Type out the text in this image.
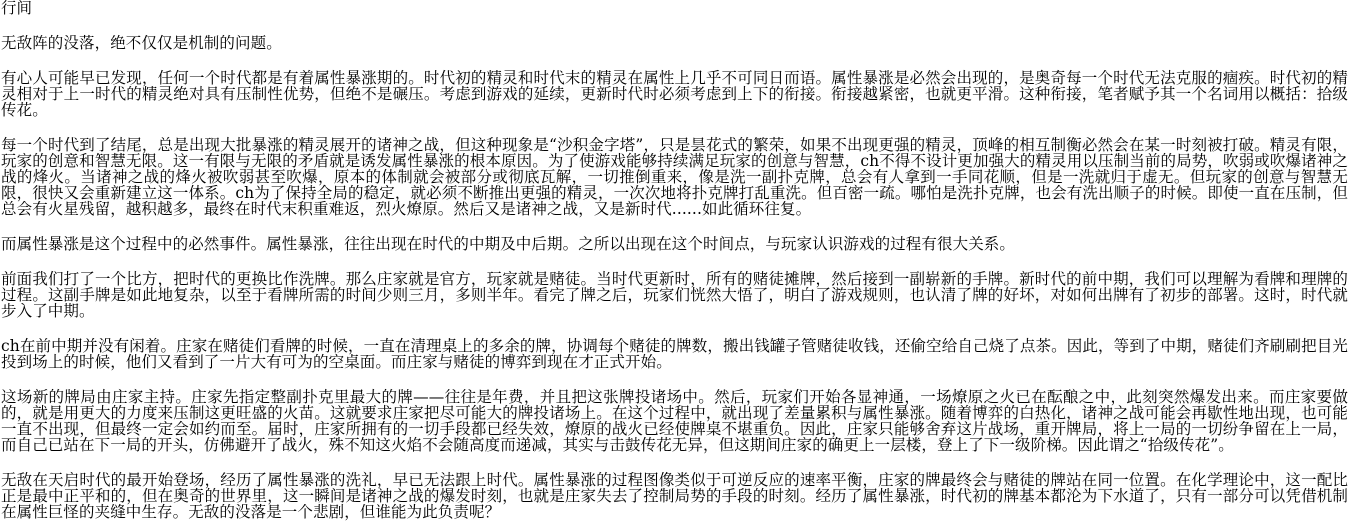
行间

无敌阵的没落，绝不仅仅是机制的问题。

有心人可能早已发现，任何一个时代都是有着属性暴涨期的。时代初的精灵和时代末的精灵在属性上几乎不可同日而语。属性暴涨是必然会出现的，是奥奇每一个时代无法克服的痼疾。时代初的精灵相对于上一时代的精灵绝对具有压制性优势，但绝不是碾压。考虑到游戏的延续，更新时代时必须考虑到上下的衔接。衔接越紧密，也就更平滑。这种衔接，笔者赋予其一个名词用以概括：拾级传花。

每一个时代到了结尾，总是出现大批暴涨的精灵展开的诸神之战，但这种现象是“沙积金字塔”，只是昙花式的繁荣，如果不出现更强的精灵，顶峰的相互制衡必然会在某一时刻被打破。精灵有限，玩家的创意和智慧无限。这一有限与无限的矛盾就是诱发属性暴涨的根本原因。为了使游戏能够持续满足玩家的创意与智慧，ch不得不设计更加强大的精灵用以压制当前的局势，吹弱或吹爆诸神之战的烽火。当诸神之战的烽火被吹弱甚至吹爆，原本的体制就会被部分或彻底瓦解，一切推倒重来，像是洗一副扑克牌，总会有人拿到一手同花顺，但是一洗就归于虚无。但玩家的创意与智慧无限，很快又会重新建立这一体系。ch为了保持全局的稳定，就必须不断推出更强的精灵，一次次地将扑克牌打乱重洗。但百密一疏。哪怕是洗扑克牌，也会有洗出顺子的时候。即使一直在压制，但总会有火星残留，越积越多，最终在时代末积重难返，烈火燎原。然后又是诸神之战，又是新时代......如此循环往复。

而属性暴涨是这个过程中的必然事件。属性暴涨，往往出现在时代的中期及中后期。之所以出现在这个时间点，与玩家认识游戏的过程有很大关系。

前面我们打了一个比方，把时代的更换比作洗牌。那么庄家就是官方，玩家就是赌徒。当时代更新时，所有的赌徒摊牌，然后接到一副崭新的手牌。新时代的前中期，我们可以理解为看牌和理牌的过程。这副手牌是如此地复杂，以至于看牌所需的时间少则三月，多则半年。看完了牌之后，玩家们恍然大悟了，明白了游戏规则，也认清了牌的好坏，对如何出牌有了初步的部署。这时，时代就步入了中期。

ch在前中期并没有闲着。庄家在赌徒们看牌的时候，一直在清理桌上的多余的牌，协调每个赌徒的牌数，搬出钱罐子管赌徒收钱，还偷空给自己烧了点茶。因此，等到了中期，赌徒们齐刷刷把目光投到场上的时候，他们又看到了一片大有可为的空桌面。而庄家与赌徒的博弈到现在才正式开始。

这场新的牌局由庄家主持。庄家先指定整副扑克里最大的牌——往往是年费，并且把这张牌投诸场中。然后，玩家们开始各显神通，一场燎原之火已在酝酿之中，此刻突然爆发出来。而庄家要做的，就是用更大的力度来压制这更旺盛的火苗。这就要求庄家把尽可能大的牌投诸场上。在这个过程中，就出现了差量累积与属性暴涨。随着博弈的白热化，诸神之战可能会再歇性地出现，也可能一直不出现，但最终一定会如约而至。届时，庄家所拥有的一切手段都已经失效，燎原的战火已经使牌桌不堪重负。因此，庄家只能够舍弃这片战场，重开牌局，将上一局的一切纷争留在上一局，而自己已站在下一局的开头，仿佛避开了战火，殊不知这火焰不会随高度而递减，其实与击鼓传花无异，但这期间庄家的确更上一层楼，登上了下一级阶梯。因此谓之“拾级传花”。

无敌在天启时代的最开始登场，经历了属性暴涨的洗礼，早已无法跟上时代。属性暴涨的过程图像类似于可逆反应的速率平衡，庄家的牌最终会与赌徒的牌站在同一位置。在化学理论中，这一配比正是最中正平和的，但在奥奇的世界里，这一瞬间是诸神之战的爆发时刻，也就是庄家失去了控制局势的手段的时刻。经历了属性暴涨，时代初的牌基本都沦为下水道了，只有一部分可以凭借机制在属性巨怪的夹缝中生存。无敌的没落是一个悲剧，但谁能为此负责呢？
